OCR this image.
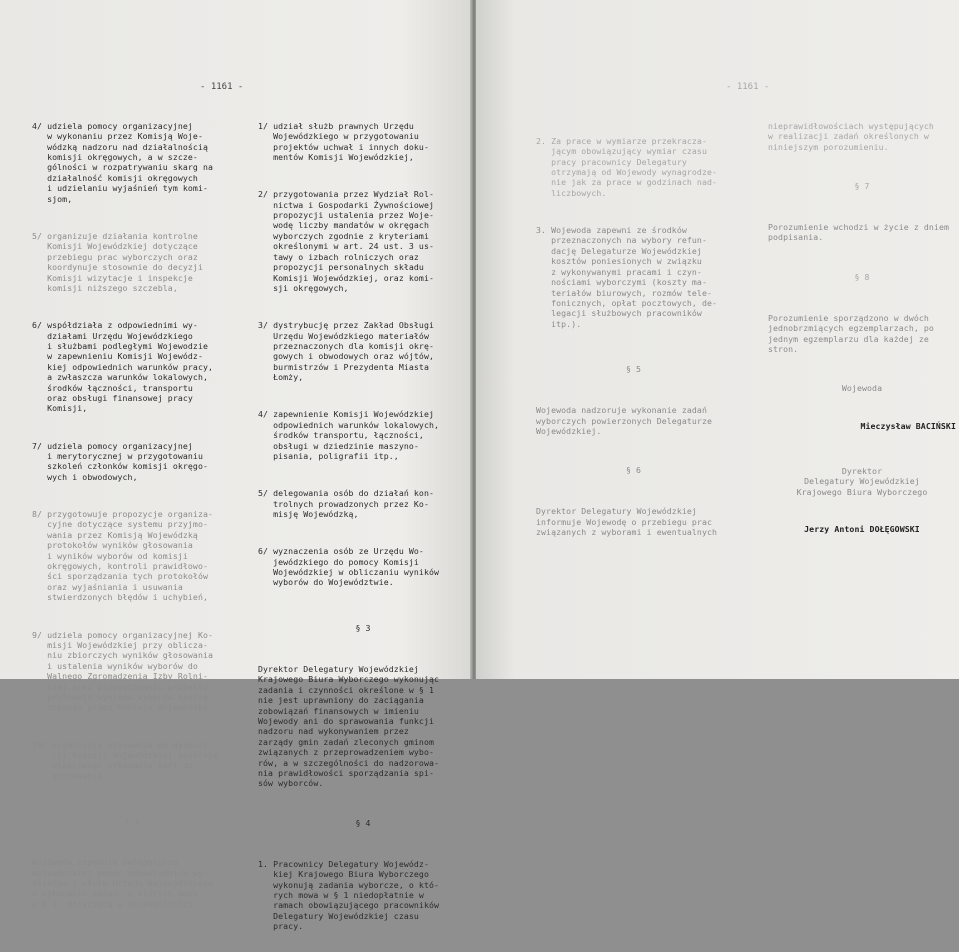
- 1161 -

4/ udziela pomocy organizacyjnej
w wykonaniu przez Komisją Woje-
wódzką nadzoru nad działalnością
komisji okręgowych, a w szcze-
gólności w rozpatrywaniu skarg na
działalność komisji okręgowych
i udzielaniu wyjaśnień tym komi-
sjom,

5/ organizuje działania kontrolne
Komisji Wojewódzkiej dotyczące
przebiegu prac wyborczych oraz
koordynuje stosownie do decyzji
Komisji wizytacje i inspekcje
komisji niższego szczebla,

6/ współdziała z odpowiednimi wy-
działami Urzędu Wojewódzkiego
i służbami podległymi Wojewodzie
w zapewnieniu Komisji Wojewódz-
kiej odpowiednich warunków pracy,
a zwłaszcza warunków lokalowych,
środków łączności, transportu
oraz obsługi finansowej pracy
Komisji,

7/ udziela pomocy organizacyjnej
i merytorycznej w przygotowaniu
szkoleń członków komisji okręgo-
wych i obwodowych,

8/ przygotowuje propozycje organiza-
cyjne dotyczące systemu przyjmo-
wania przez Komisją Wojewódzką
protokołów wyników głosowania
i wyników wyborów od komisji
okręgowych, kontroli prawidłowo-
ści sporządzania tych protokołów
oraz wyjaśniania i usuwania
stwierdzonych błędów i uchybień,

9/ udziela pomocy organizacyjnej Ko-
misji Wojewódzkiej przy oblicza-
niu zbiorczych wyników głosowania
i ustalenia wyników wyborów do
Walnego Zgromadzenia Izby Rolni-
czej oraz przygotowaniu projektu
protokołu wyników wyborów sporzą-
dzanego przez Komisję Wojewódzką,

10/ organizuje stosownie do dyspozy-
cji Komisji Wojewódzkiej kontrolę
właściwego wykonania kart do
głosowania.

§ 2

Wojewoda zapewnia Delegaturze
Wojewódzkiej pomoc odpowiednich wy-
działów i służb Urzędu Wojewódzkiego
w wykonaniu zadań, o których mowa
w § 1, dotyczącą w szczególności:

1/ udział służb prawnych Urzędu
Wojewódzkiego w przygotowaniu
projektów uchwał i innych doku-
mentów Komisji Wojewódzkiej,

2/ przygotowania przez Wydział Rol-
nictwa i Gospodarki Żywnościowej
propozycji ustalenia przez Woje-
wodę liczby mandatów w okręgach
wyborczych zgodnie z kryteriami
określonymi w art. 24 ust. 3 us-
tawy o izbach rolniczych oraz
propozycji personalnych składu
Komisji Wojewódzkiej, oraz komi-
sji okręgowych,

3/ dystrybucję przez Zakład Obsługi
Urzędu Wojewódzkiego materiałów
przeznaczonych dla komisji okrę-
gowych i obwodowych oraz wójtów,
burmistrzów i Prezydenta Miasta
Łomży,

4/ zapewnienie Komisji Wojewódzkiej
odpowiednich warunków lokalowych,
środków transportu, łączności,
obsługi w dziedzinie maszyno-
pisania, poligrafii itp.,

5/ delegowania osób do działań kon-
trolnych prowadzonych przez Ko-
misję Wojewódzką,

6/ wyznaczenia osób ze Urzędu Wo-
jewódzkiego do pomocy Komisji
Wojewódzkiej w obliczaniu wyników
wyborów do Województwie.

§ 3

Dyrektor Delegatury Wojewódzkiej
Krajowego Biura Wyborczego wykonując
zadania i czynności określone w § 1
nie jest uprawniony do zaciągania
zobowiązań finansowych w imieniu
Wojewody ani do sprawowania funkcji
nadzoru nad wykonywaniem przez
zarządy gmin zadań zleconych gminom
związanych z przeprowadzeniem wybo-
rów, a w szczególności do nadzorowa-
nia prawidłowości sporządzania spi-
sów wyborców.

§ 4

1. Pracownicy Delegatury Wojewódz-
kiej Krajowego Biura Wyborczego
wykonują zadania wyborcze, o któ-
rych mowa w § 1 niedopłatnie w
ramach obowiązującego pracowników
Delegatury Wojewódzkiej czasu
pracy.

- 1161 -

2. Za prace w wymiarze przekracza-
jącym obowiązujący wymiar czasu
pracy pracownicy Delegatury
otrzymają od Wojewody wynagrodze-
nie jak za prace w godzinach nad-
liczbowych.

3. Wojewoda zapewni ze środków
przeznaczonych na wybory refun-
dację Delegaturze Wojewódzkiej
kosztów poniesionych w związku
z wykonywanymi pracami i czyn-
nościami wyborczymi (koszty ma-
teriałów biurowych, rozmów tele-
fonicznych, opłat pocztowych, de-
legacji służbowych pracowników
itp.).

§ 5

Wojewoda nadzoruje wykonanie zadań
wyborczych powierzonych Delegaturze
Wojewódzkiej.

§ 6

Dyrektor Delegatury Wojewódzkiej
informuje Wojewodę o przebiegu prac
związanych z wyborami i ewentualnych

nieprawidłowościach występujących
w realizacji zadań określonych w
niniejszym porozumieniu.

§ 7

Porozumienie wchodzi w życie z dniem
podpisania.

§ 8

Porozumienie sporządzono w dwóch
jednobrzmiących egzemplarzach, po
jednym egzemplarzu dla każdej ze
stron.

Wojewoda

Mieczysław BACIŃSKI

Dyrektor
Delegatury Wojewódzkiej
Krajowego Biura Wyborczego

Jerzy Antoni DOŁĘGOWSKI
